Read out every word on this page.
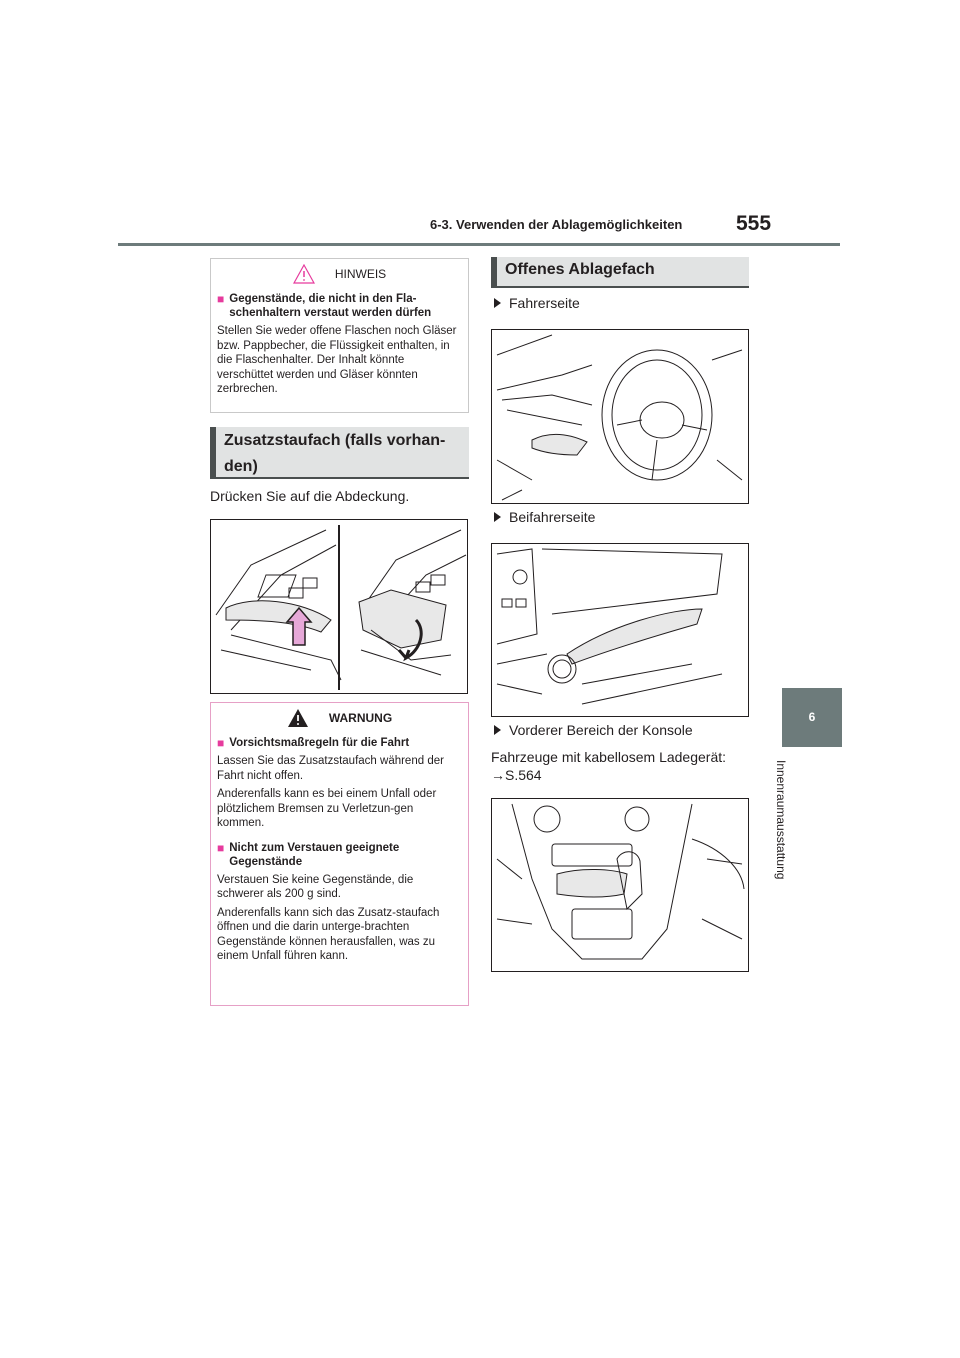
6-3. Verwenden der Ablagemöglichkeiten	555
6
Innenraumausstattung
HINWEIS
■ Gegenstände, die nicht in den Fla-schenhaltern verstaut werden dürfen
Stellen Sie weder offene Flaschen noch Gläser bzw. Pappbecher, die Flüssigkeit enthalten, in die Flaschenhalter. Der Inhalt könnte verschüttet werden und Gläser könnten zerbrechen.
Zusatzstaufach (falls vorhan-
den)
Drücken Sie auf die Abdeckung.
WARNUNG
■ Vorsichtsmaßregeln für die Fahrt
Lassen Sie das Zusatzstaufach während der Fahrt nicht offen.
Anderenfalls kann es bei einem Unfall oder plötzlichem Bremsen zu Verletzun-gen kommen.
■ Nicht zum Verstauen geeignete Gegenstände
Verstauen Sie keine Gegenstände, die schwerer als 200 g sind.
Anderenfalls kann sich das Zusatz-staufach öffnen und die darin unterge-brachten Gegenstände können herausfallen, was zu einem Unfall führen kann.
Offenes Ablagefach
Fahrerseite
Beifahrerseite
Vorderer Bereich der Konsole
Fahrzeuge mit kabellosem Ladegerät:
→S.564
